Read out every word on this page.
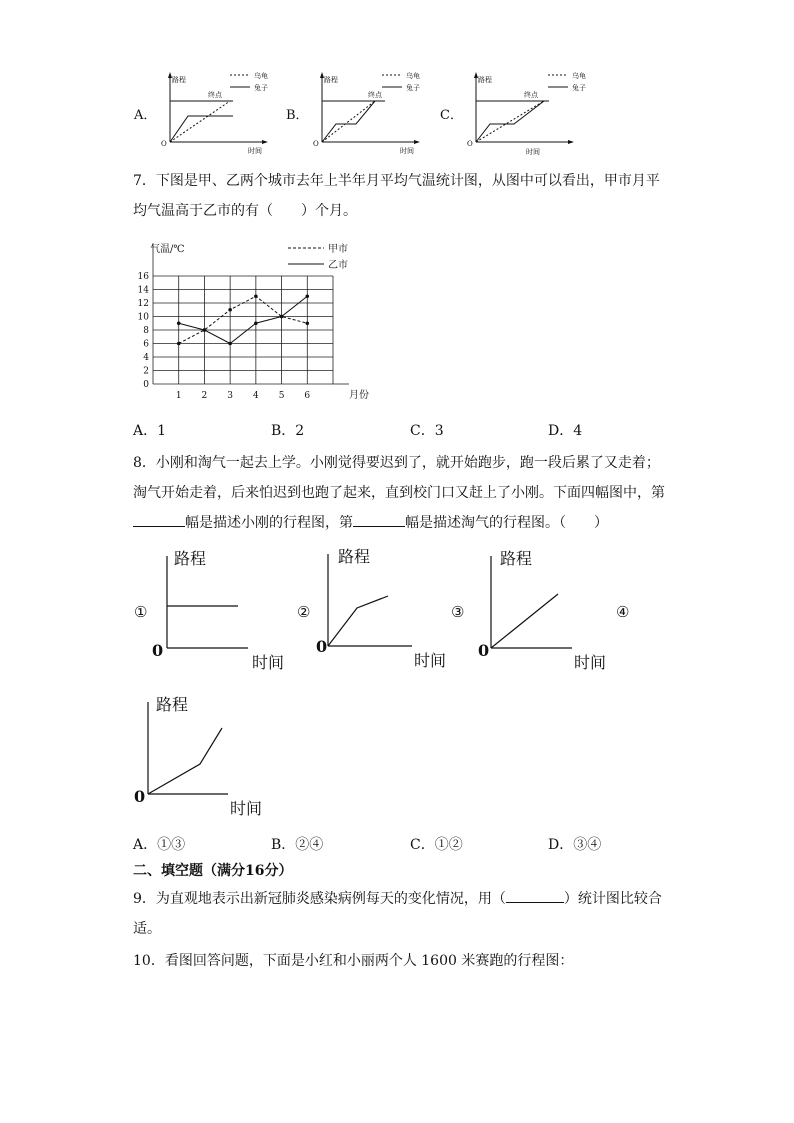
A．
路程
时间
O
终点
乌龟
兔子
B．
路程
时间
O
终点
乌龟
兔子
C．
路程
时间
O
终点
乌龟
兔子
7．下图是甲、乙两个城市去年上半年月平均气温统计图，从图中可以看出，甲市月平
均气温高于乙市的有（　　）个月。
0
2
4
6
8
10
12
14
16
1 2 3 4 5 6
气温/℃
月份
甲市
乙市
A．1	B．2	C．3	D．4
8．小刚和淘气一起去上学。小刚觉得要迟到了，就开始跑步，跑一段后累了又走着；
淘气开始走着，后来怕迟到也跑了起来，直到校门口又赶上了小刚。下面四幅图中，第
幅是描述小刚的行程图，第	幅是描述淘气的行程图。（　　）
①
路程
时间
0
②
路程
时间
0
③
路程
时间
0
④
路程
时间
0
A．①③	B．②④	C．①②	D．③④
二、填空题（满分16分）
9．为直观地表示出新冠肺炎感染病例每天的变化情况，用（	）统计图比较合
适。
10．看图回答问题，下面是小红和小丽两个人 1600 米赛跑的行程图：
